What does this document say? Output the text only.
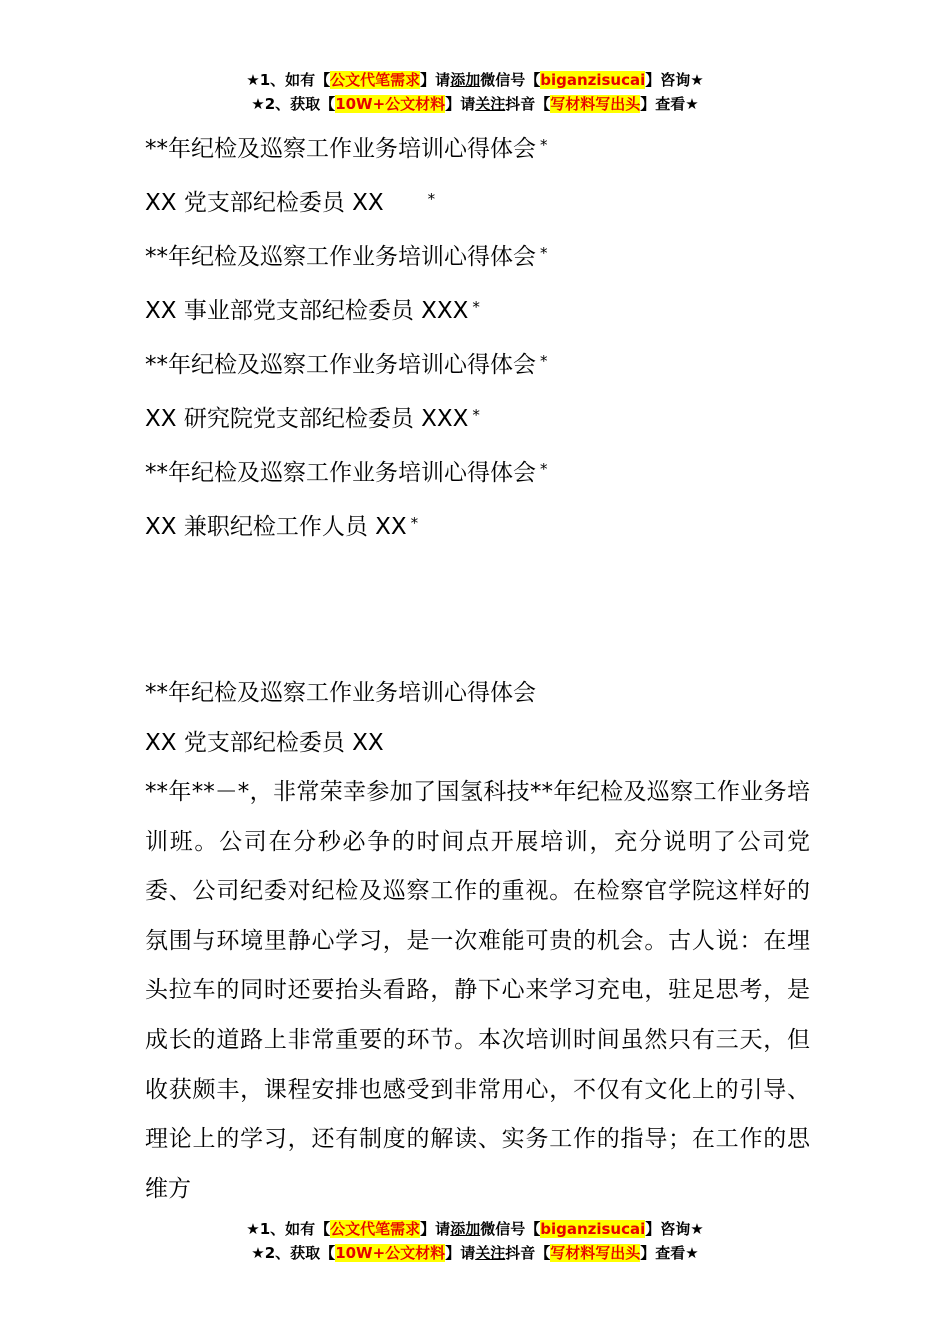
★1、如有【公文代笔需求】请添加微信号【biganzisucai】咨询★
★2、获取【10W+公文材料】请关注抖音【写材料写出头】查看★
**年纪检及巡察工作业务培训心得体会 *
XX 党支部纪检委员 XX	*
**年纪检及巡察工作业务培训心得体会 *
XX 事业部党支部纪检委员 XXX *
**年纪检及巡察工作业务培训心得体会 *
XX 研究院党支部纪检委员 XXX *
**年纪检及巡察工作业务培训心得体会 *
XX 兼职纪检工作人员 XX *
**年纪检及巡察工作业务培训心得体会
XX 党支部纪检委员 XX
**年**－*，非常荣幸参加了国氢科技**年纪检及巡察工作业务培训班。公司在分秒必争的时间点开展培训，充分说明了公司党委、公司纪委对纪检及巡察工作的重视。在检察官学院这样好的氛围与环境里静心学习，是一次难能可贵的机会。古人说：在埋头拉车的同时还要抬头看路，静下心来学习充电，驻足思考，是成长的道路上非常重要的环节。本次培训时间虽然只有三天，但收获颇丰，课程安排也感受到非常用心，不仅有文化上的引导、理论上的学习，还有制度的解读、实务工作的指导；在工作的思维方
★1、如有【公文代笔需求】请添加微信号【biganzisucai】咨询★
★2、获取【10W+公文材料】请关注抖音【写材料写出头】查看★
